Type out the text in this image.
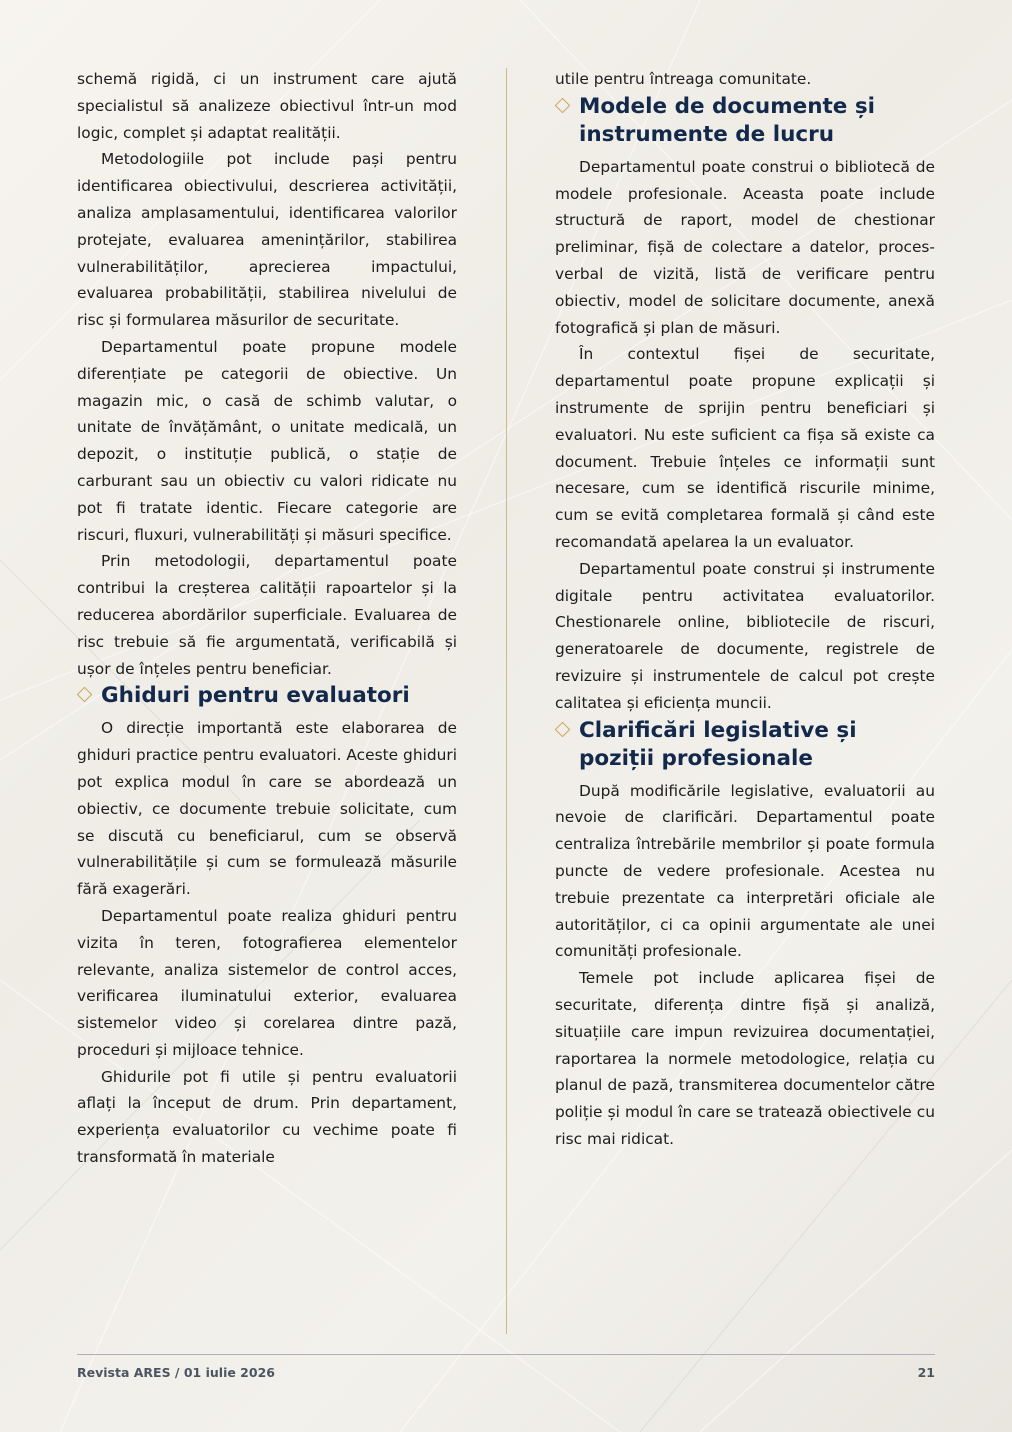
schemă rigidă, ci un instrument care ajută specialistul să analizeze obiectivul într-un mod logic, complet și adaptat realității.

Metodologiile pot include pași pentru identificarea obiectivului, descrierea activității, analiza amplasamentului, identificarea valorilor protejate, evaluarea amenințărilor, stabilirea vulnerabilităților, aprecierea impactului, evaluarea probabilității, stabilirea nivelului de risc și formularea măsurilor de securitate.

Departamentul poate propune modele diferențiate pe categorii de obiective. Un magazin mic, o casă de schimb valutar, o unitate de învățământ, o unitate medicală, un depozit, o instituție publică, o stație de carburant sau un obiectiv cu valori ridicate nu pot fi tratate identic. Fiecare categorie are riscuri, fluxuri, vulnerabilități și măsuri specifice.

Prin metodologii, departamentul poate contribui la creșterea calității rapoartelor și la reducerea abordărilor superficiale. Evaluarea de risc trebuie să fie argumentată, verificabilă și ușor de înțeles pentru beneficiar.

Ghiduri pentru evaluatori

O direcție importantă este elaborarea de ghiduri practice pentru evaluatori. Aceste ghiduri pot explica modul în care se abordează un obiectiv, ce documente trebuie solicitate, cum se discută cu beneficiarul, cum se observă vulnerabilitățile și cum se formulează măsurile fără exagerări.

Departamentul poate realiza ghiduri pentru vizita în teren, fotografierea elementelor relevante, analiza sistemelor de control acces, verificarea iluminatului exterior, evaluarea sistemelor video și corelarea dintre pază, proceduri și mijloace tehnice.

Ghidurile pot fi utile și pentru evaluatorii aflați la început de drum. Prin departament, experiența evaluatorilor cu vechime poate fi transformată în materiale

utile pentru întreaga comunitate.

Modele de documente și instrumente de lucru

Departamentul poate construi o bibliotecă de modele profesionale. Aceasta poate include structură de raport, model de chestionar preliminar, fișă de colectare a datelor, proces-verbal de vizită, listă de verificare pentru obiectiv, model de solicitare documente, anexă fotografică și plan de măsuri.

În contextul fișei de securitate, departamentul poate propune explicații și instrumente de sprijin pentru beneficiari și evaluatori. Nu este suficient ca fișa să existe ca document. Trebuie înțeles ce informații sunt necesare, cum se identifică riscurile minime, cum se evită completarea formală și când este recomandată apelarea la un evaluator.

Departamentul poate construi și instrumente digitale pentru activitatea evaluatorilor. Chestionarele online, bibliotecile de riscuri, generatoarele de documente, registrele de revizuire și instrumentele de calcul pot crește calitatea și eficiența muncii.

Clarificări legislative și poziții profesionale

După modificările legislative, evaluatorii au nevoie de clarificări. Departamentul poate centraliza întrebările membrilor și poate formula puncte de vedere profesionale. Acestea nu trebuie prezentate ca interpretări oficiale ale autorităților, ci ca opinii argumentate ale unei comunități profesionale.

Temele pot include aplicarea fișei de securitate, diferența dintre fișă și analiză, situațiile care impun revizuirea documentației, raportarea la normele metodologice, relația cu planul de pază, transmiterea documentelor către poliție și modul în care se tratează obiectivele cu risc mai ridicat.

Revista ARES / 01 iulie 2026	21
